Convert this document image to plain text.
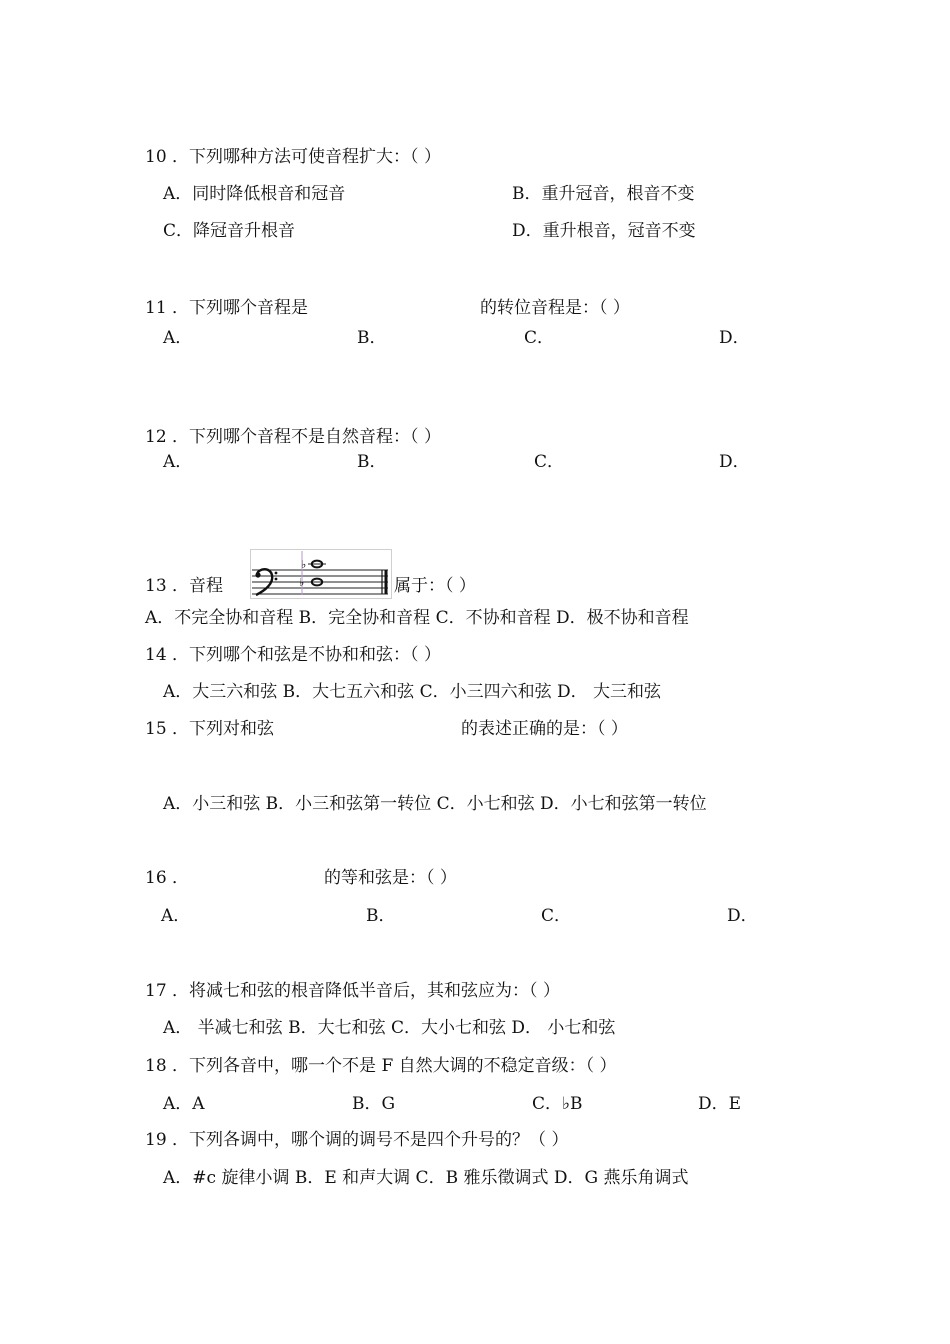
10 ．下列哪种方法可使音程扩大：（ ）
A．同时降低根音和冠音	B．重升冠音，根音不变
C．降冠音升根音	D．重升根音，冠音不变
11 ．下列哪个音程是	的转位音程是：（ ）
A．	B．	C．	D．
12 ．下列哪个音程不是自然音程：（ ）
A．	B．	C．	D．
13 ．音程
♭
♭	属于：（ ）
A．不完全协和音程 B．完全协和音程 C．不协和音程 D．极不协和音程
14 ．下列哪个和弦是不协和和弦：（ ）
A．大三六和弦 B．大七五六和弦 C．小三四六和弦 D． 大三和弦
15 ．下列对和弦	的表述正确的是：（ ）
A．小三和弦 B．小三和弦第一转位 C．小七和弦 D．小七和弦第一转位
16 ．	的等和弦是：（ ）
A．	B．	C．	D．
17 ．将减七和弦的根音降低半音后，其和弦应为：（ ）
A． 半减七和弦 B．大七和弦 C．大小七和弦 D． 小七和弦
18 ．下列各音中，哪一个不是 F 自然大调的不稳定音级：（ ）
A．A	B．G	C．♭B	D．E
19 ．下列各调中，哪个调的调号不是四个升号的？（ ）
A．#c 旋律小调 B．E 和声大调 C．B 雅乐徵调式 D．G 燕乐角调式
